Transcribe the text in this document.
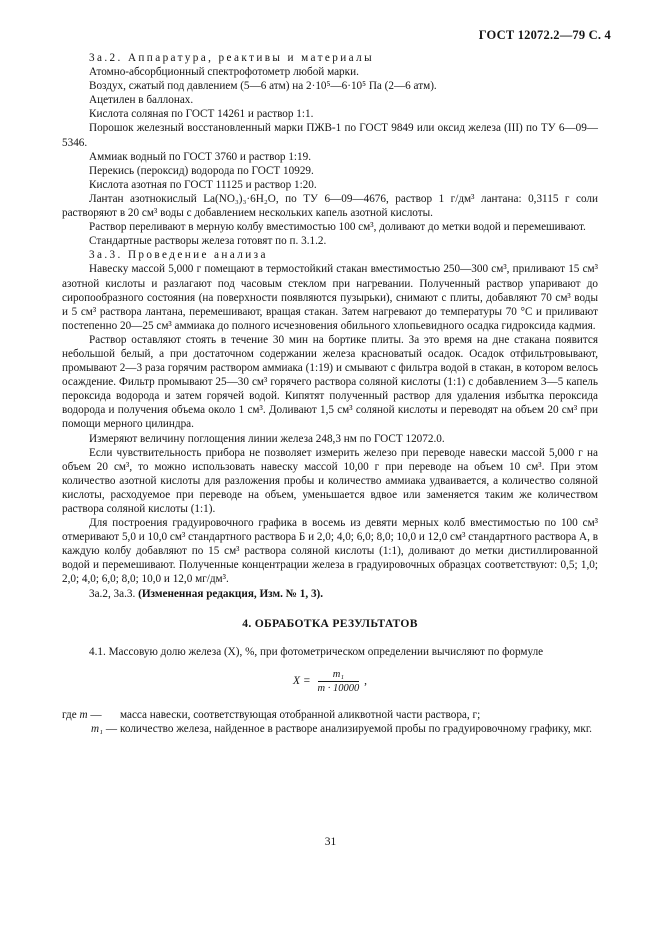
ГОСТ 12072.2—79 С. 4

3а.2. Аппаратура, реактивы и материалы

Атомно-абсорбционный спектрофотометр любой марки.

Воздух, сжатый под давлением (5—6 атм) на 2·10⁵—6·10⁵ Па (2—6 атм).

Ацетилен в баллонах.

Кислота соляная по ГОСТ 14261 и раствор 1:1.

Порошок железный восстановленный марки ПЖВ-1 по ГОСТ 9849 или оксид железа (III) по ТУ 6—09—5346.

Аммиак водный по ГОСТ 3760 и раствор 1:19.

Перекись (пероксид) водорода по ГОСТ 10929.

Кислота азотная по ГОСТ 11125 и раствор 1:20.

Лантан азотнокислый La(NO₃)₃·6H₂O, по ТУ 6—09—4676, раствор 1 г/дм³ лантана: 0,3115 г соли растворяют в 20 см³ воды с добавлением нескольких капель азотной кислоты.

Раствор переливают в мерную колбу вместимостью 100 см³, доливают до метки водой и перемешивают.

Стандартные растворы железа готовят по п. 3.1.2.

3а.3. Проведение анализа

Навеску массой 5,000 г помещают в термостойкий стакан вместимостью 250—300 см³, приливают 15 см³ азотной кислоты и разлагают под часовым стеклом при нагревании. Полученный раствор упаривают до сиропообразного состояния (на поверхности появляются пузырьки), снимают с плиты, добавляют 70 см³ воды и 5 см³ раствора лантана, перемешивают, вращая стакан. Затем нагревают до температуры 70 °С и приливают постепенно 20—25 см³ аммиака до полного исчезновения обильного хлопьевидного осадка гидроксида кадмия.

Раствор оставляют стоять в течение 30 мин на бортике плиты. За это время на дне стакана появится небольшой белый, а при достаточном содержании железа красноватый осадок. Осадок отфильтровывают, промывают 2—3 раза горячим раствором аммиака (1:19) и смывают с фильтра водой в стакан, в котором велось осаждение. Фильтр промывают 25—30 см³ горячего раствора соляной кислоты (1:1) с добавлением 3—5 капель пероксида водорода и затем горячей водой. Кипятят полученный раствор для удаления избытка пероксида водорода и получения объема около 1 см³. Доливают 1,5 см³ соляной кислоты и переводят на объем 20 см³ при помощи мерного цилиндра.

Измеряют величину поглощения линии железа 248,3 нм по ГОСТ 12072.0.

Если чувствительность прибора не позволяет измерить железо при переводе навески массой 5,000 г на объем 20 см³, то можно использовать навеску массой 10,00 г при переводе на объем 10 см³. При этом количество азотной кислоты для разложения пробы и количество аммиака удваивается, а количество соляной кислоты, расходуемое при переводе на объем, уменьшается вдвое или заменяется таким же количеством раствора соляной кислоты (1:1).

Для построения градуировочного графика в восемь из девяти мерных колб вместимостью по 100 см³ отмеривают 5,0 и 10,0 см³ стандартного раствора Б и 2,0; 4,0; 6,0; 8,0; 10,0 и 12,0 см³ стандартного раствора А, в каждую колбу добавляют по 15 см³ раствора соляной кислоты (1:1), доливают до метки дистиллированной водой и перемешивают. Полученные концентрации железа в градуировочных образцах соответствуют: 0,5; 1,0; 2,0; 4,0; 6,0; 8,0; 10,0 и 12,0 мг/дм³.

3а.2, 3а.3. (Измененная редакция, Изм. № 1, 3).

4. ОБРАБОТКА РЕЗУЛЬТАТОВ

4.1. Массовую долю железа (X), %, при фотометрическом определении вычисляют по формуле

$X = \frac{\text{m₁}}{m \cdot 10000}$ ,
где m —	масса навески, соответствующая отобранной аликвотной части раствора, г;
m₁ — количество железа, найденное в растворе анализируемой пробы по градуировочному графику, мкг.
31
